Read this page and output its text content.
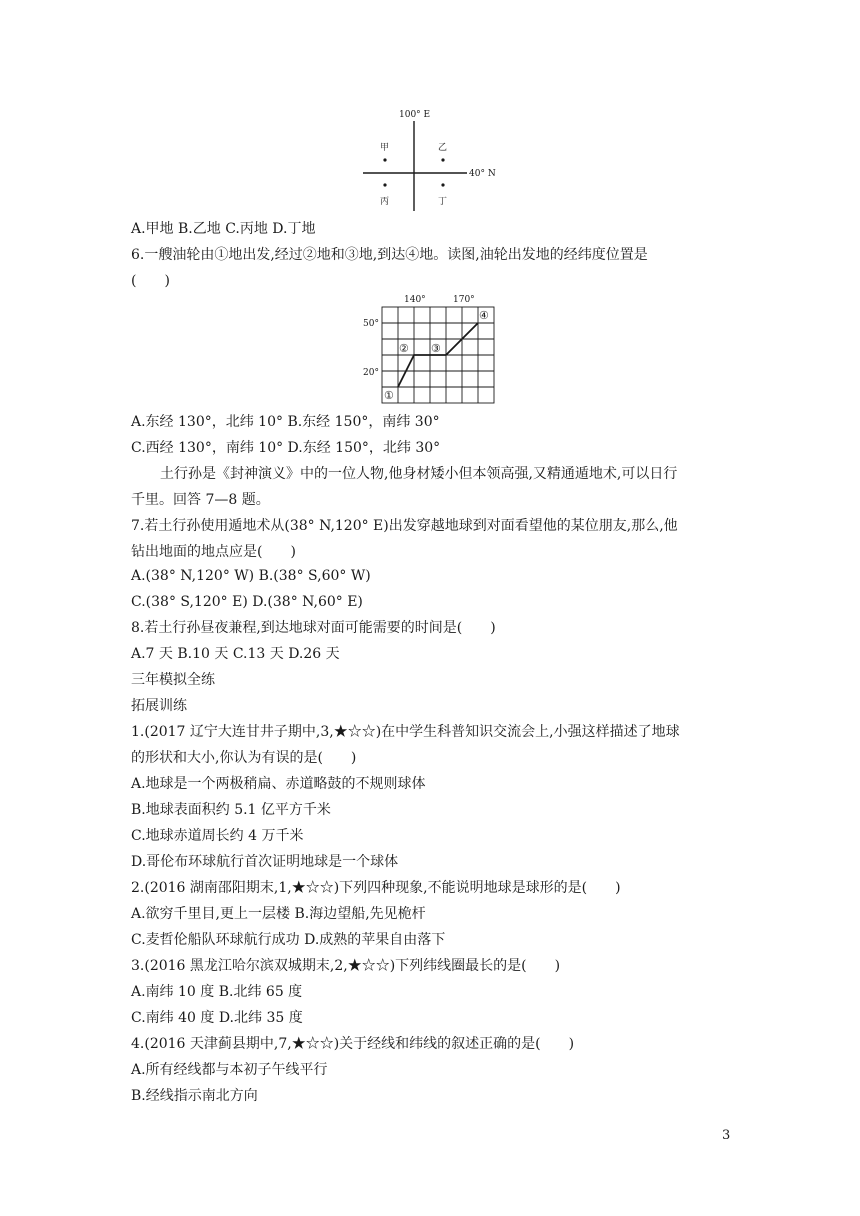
100° E
40° N
甲	乙
丙	丁
A.甲地 B.乙地 C.丙地 D.丁地
6.一艘油轮由①地出发,经过②地和③地,到达④地。读图,油轮出发地的经纬度位置是
(　　)
140°	170°
50°
20°
①
② ③
④
A.东经 130°，北纬 10° B.东经 150°，南纬 30°
C.西经 130°，南纬 10° D.东经 150°，北纬 30°
土行孙是《封神演义》中的一位人物,他身材矮小但本领高强,又精通遁地术,可以日行
千里。回答 7—8 题。
7.若土行孙使用遁地术从(38° N,120° E)出发穿越地球到对面看望他的某位朋友,那么,他
钻出地面的地点应是(　　)
A.(38° N,120° W) B.(38° S,60° W)
C.(38° S,120° E) D.(38° N,60° E)
8.若土行孙昼夜兼程,到达地球对面可能需要的时间是(　　)
A.7 天 B.10 天 C.13 天 D.26 天
三年模拟全练
拓展训练
1.(2017 辽宁大连甘井子期中,3,★☆☆)在中学生科普知识交流会上,小强这样描述了地球
的形状和大小,你认为有误的是(　　)
A.地球是一个两极稍扁、赤道略鼓的不规则球体
B.地球表面积约 5.1 亿平方千米
C.地球赤道周长约 4 万千米
D.哥伦布环球航行首次证明地球是一个球体
2.(2016 湖南邵阳期末,1,★☆☆)下列四种现象,不能说明地球是球形的是(　　)
A.欲穷千里目,更上一层楼 B.海边望船,先见桅杆
C.麦哲伦船队环球航行成功 D.成熟的苹果自由落下
3.(2016 黑龙江哈尔滨双城期末,2,★☆☆)下列纬线圈最长的是(　　)
A.南纬 10 度 B.北纬 65 度
C.南纬 40 度 D.北纬 35 度
4.(2016 天津蓟县期中,7,★☆☆)关于经线和纬线的叙述正确的是(　　)
A.所有经线都与本初子午线平行
B.经线指示南北方向
3
